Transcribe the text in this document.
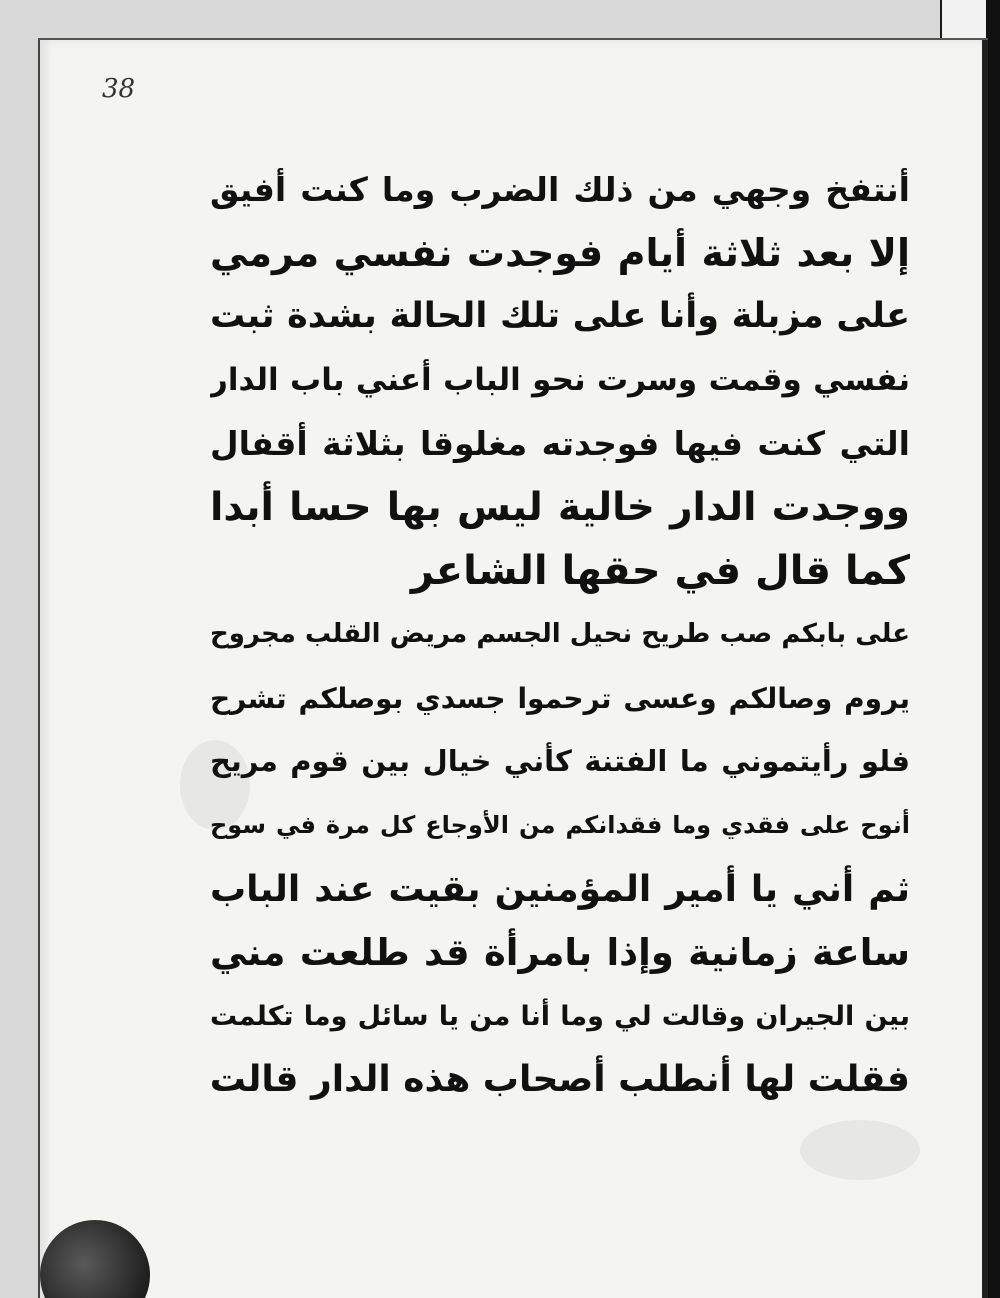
38
أنتفخ وجهي من ذلك الضرب وما كنت أفيق
إلا بعد ثلاثة أيام فوجدت نفسي مرمي
على مزبلة وأنا على تلك الحالة بشدة ثبت
نفسي وقمت وسرت نحو الباب أعني باب الدار
التي كنت فيها فوجدته مغلوقا بثلاثة أقفال
ووجدت الدار خالية ليس بها حسا أبدا
كما قال في حقها الشاعر
على بابكم صب طريح نحيل الجسم مريض القلب مجروح
يروم وصالكم وعسى ترحموا جسدي بوصلكم تشرح
فلو رأيتموني ما الفتنة كأني خيال بين قوم مريح
أنوح على فقدي وما فقدانكم من الأوجاع كل مرة في سوح
ثم أني يا أمير المؤمنين بقيت عند الباب
ساعة زمانية وإذا بامرأة قد طلعت مني
بين الجيران وقالت لي وما أنا من يا سائل وما تكلمت
فقلت لها أنطلب أصحاب هذه الدار قالت
